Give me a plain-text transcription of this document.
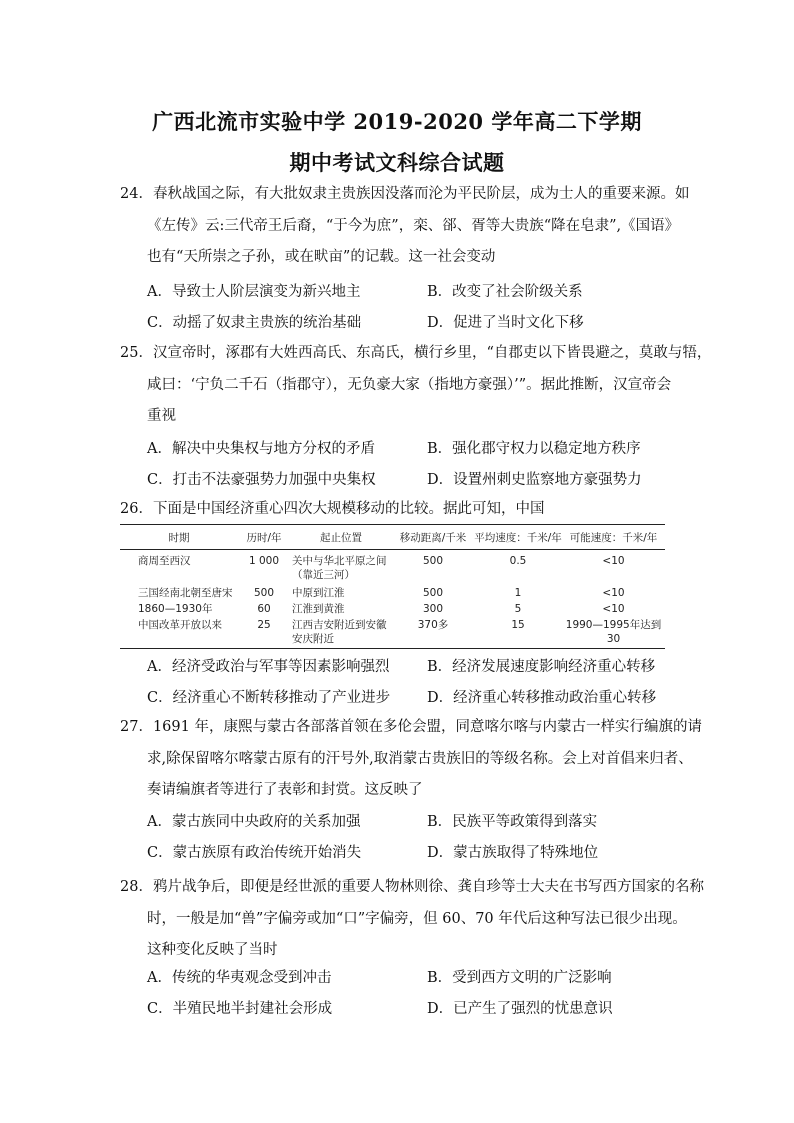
广西北流市实验中学 2019-2020 学年高二下学期
期中考试文科综合试题
24．春秋战国之际，有大批奴隶主贵族因没落而沦为平民阶层，成为士人的重要来源。如
《左传》云:三代帝王后裔，“于今为庶”，栾、郤、胥等大贵族“降在皂隶”,《国语》
也有“天所崇之子孙，或在畎亩”的记载。这一社会变动
A．导致士人阶层演变为新兴地主	B．改变了社会阶级关系
C．动摇了奴隶主贵族的统治基础	D．促进了当时文化下移
25．汉宣帝时，涿郡有大姓西高氏、东高氏，横行乡里，“自郡吏以下皆畏避之，莫敢与牾，
咸曰：‘宁负二千石（指郡守），无负豪大家（指地方豪强）’”。据此推断，汉宣帝会
重视
A．解决中央集权与地方分权的矛盾	B．强化郡守权力以稳定地方秩序
C．打击不法豪强势力加强中央集权	D．设置州刺史监察地方豪强势力
26．下面是中国经济重心四次大规模移动的比较。据此可知，中国
时期	历时/年	起止位置	移动距离/千米	平均速度：千米/年	可能速度：千米/年
商周至西汉	1 000	关中与华北平原之间（靠近三河）	500	0.5	<10
三国经南北朝至唐宋	500	中原到江淮	500	1	<10
1860—1930年	60	江淮到黄淮	300	5	<10
中国改革开放以来	25	江西吉安附近到安徽安庆附近	370多	15	1990—1995年达到30
A．经济受政治与军事等因素影响强烈	B．经济发展速度影响经济重心转移
C．经济重心不断转移推动了产业进步	D．经济重心转移推动政治重心转移
27．1691 年，康熙与蒙古各部落首领在多伦会盟，同意喀尔喀与内蒙古一样实行编旗的请
求,除保留喀尔喀蒙古原有的汗号外,取消蒙古贵族旧的等级名称。会上对首倡来归者、
奏请编旗者等进行了表彰和封赏。这反映了
A．蒙古族同中央政府的关系加强	B．民族平等政策得到落实
C．蒙古族原有政治传统开始消失	D．蒙古族取得了特殊地位
28．鸦片战争后，即便是经世派的重要人物林则徐、龚自珍等士大夫在书写西方国家的名称
时，一般是加“兽”字偏旁或加“口”字偏旁，但 60、70 年代后这种写法已很少出现。
这种变化反映了当时
A．传统的华夷观念受到冲击	B．受到西方文明的广泛影响
C．半殖民地半封建社会形成	D．已产生了强烈的忧患意识
